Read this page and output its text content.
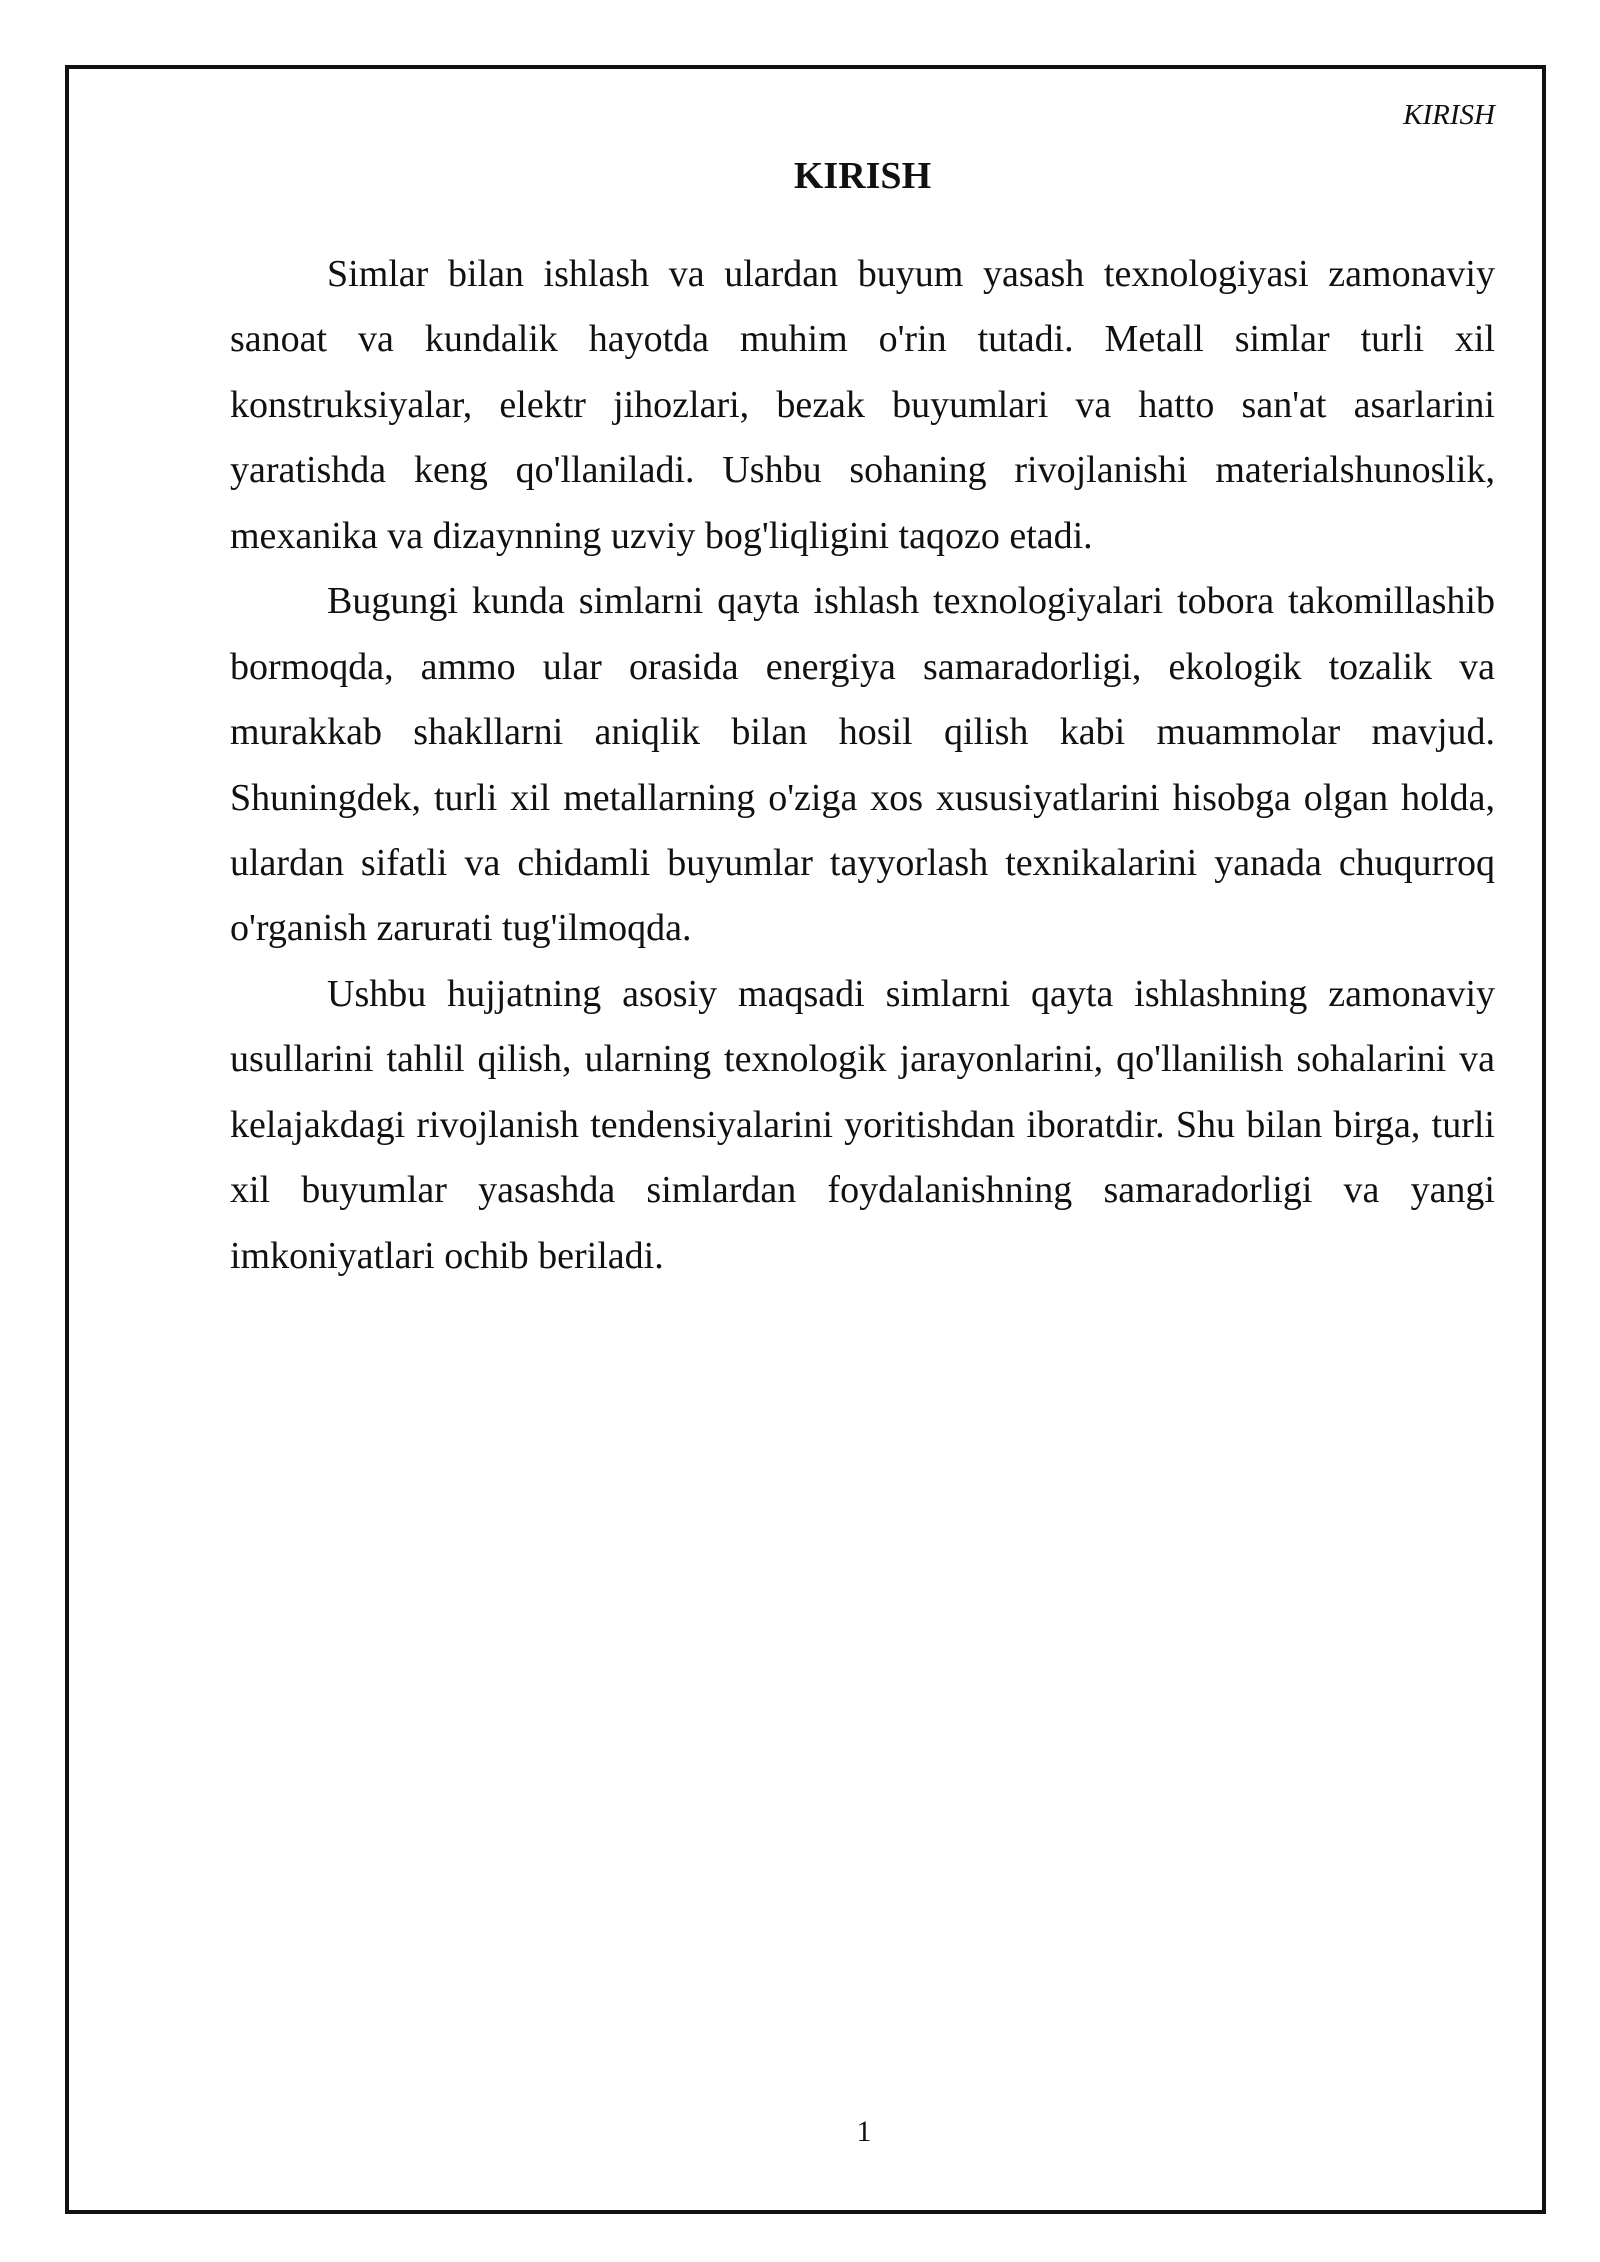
KIRISH
KIRISH
Simlar bilan ishlash va ulardan buyum yasash texnologiyasi zamonaviy
sanoat va kundalik hayotda muhim o'rin tutadi. Metall simlar turli xil
konstruksiyalar, elektr jihozlari, bezak buyumlari va hatto san'at asarlarini
yaratishda keng qo'llaniladi. Ushbu sohaning rivojlanishi materialshunoslik,
mexanika va dizaynning uzviy bog'liqligini taqozo etadi.
Bugungi kunda simlarni qayta ishlash texnologiyalari tobora takomillashib
bormoqda, ammo ular orasida energiya samaradorligi, ekologik tozalik va
murakkab shakllarni aniqlik bilan hosil qilish kabi muammolar mavjud.
Shuningdek, turli xil metallarning o'ziga xos xususiyatlarini hisobga olgan holda,
ulardan sifatli va chidamli buyumlar tayyorlash texnikalarini yanada chuqurroq
o'rganish zarurati tug'ilmoqda.
Ushbu hujjatning asosiy maqsadi simlarni qayta ishlashning zamonaviy
usullarini tahlil qilish, ularning texnologik jarayonlarini, qo'llanilish sohalarini va
kelajakdagi rivojlanish tendensiyalarini yoritishdan iboratdir. Shu bilan birga, turli
xil buyumlar yasashda simlardan foydalanishning samaradorligi va yangi
imkoniyatlari ochib beriladi.
1
